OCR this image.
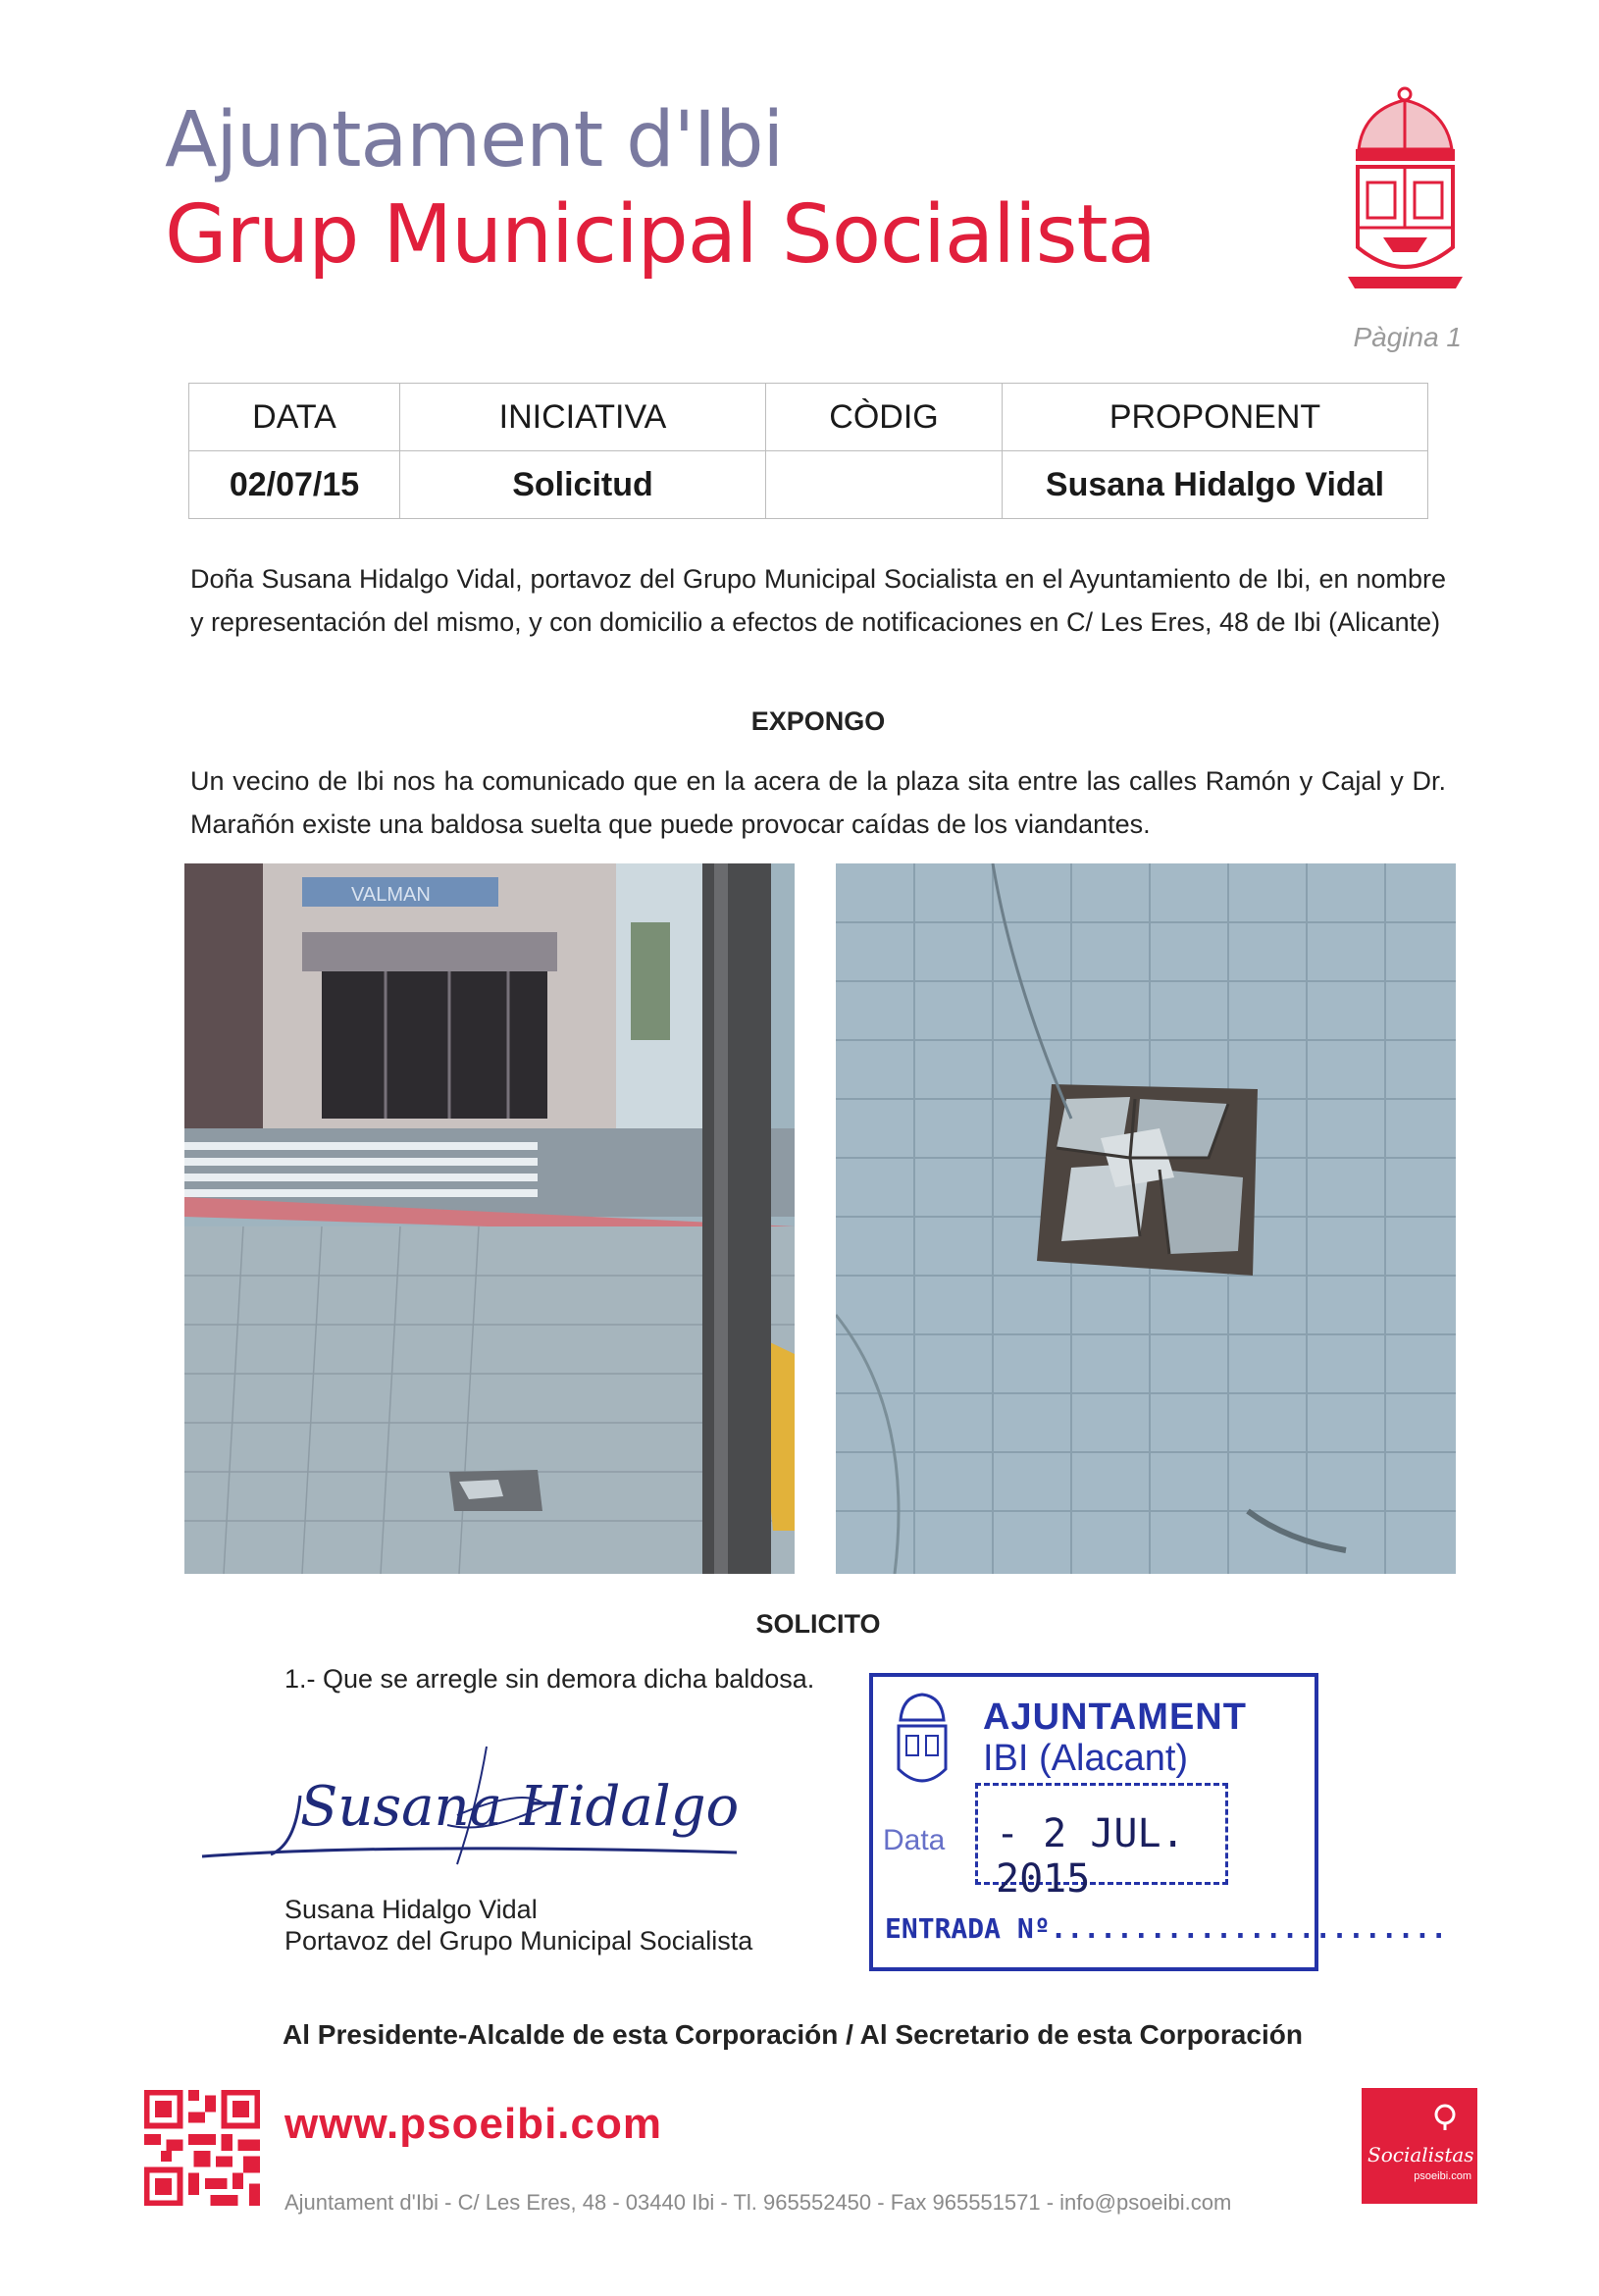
Ajuntament d'Ibi
Grup Municipal Socialista
Pàgina 1
DATA	INICIATIVA	CÒDIG	PROPONENT
02/07/15	Solicitud		Susana Hidalgo Vidal
Doña Susana Hidalgo Vidal, portavoz del Grupo Municipal Socialista en el Ayuntamiento de Ibi, en nombre y representación del mismo, y con domicilio a efectos de notificaciones en C/ Les Eres, 48 de Ibi (Alicante)
EXPONGO
Un vecino de Ibi nos ha comunicado que en la acera de la plaza sita entre las calles Ramón y Cajal y Dr. Marañón existe una baldosa suelta que puede provocar caídas de los viandantes.
VALMAN
SOLICITO
1.- Que se arregle sin demora dicha baldosa.
Susana Hidalgo
Susana Hidalgo Vidal
Portavoz del Grupo Municipal Socialista
AJUNTAMENT
IBI (Alacant)
Data - 2 JUL. 2015
ENTRADA Nº........................
Al Presidente-Alcalde de esta Corporación / Al Secretario de esta Corporación
www.psoeibi.com
Ajuntament d'Ibi - C/ Les Eres, 48 - 03440 Ibi - Tl. 965552450 - Fax 965551571 - info@psoeibi.com
Socialistas
psoeibi.com
